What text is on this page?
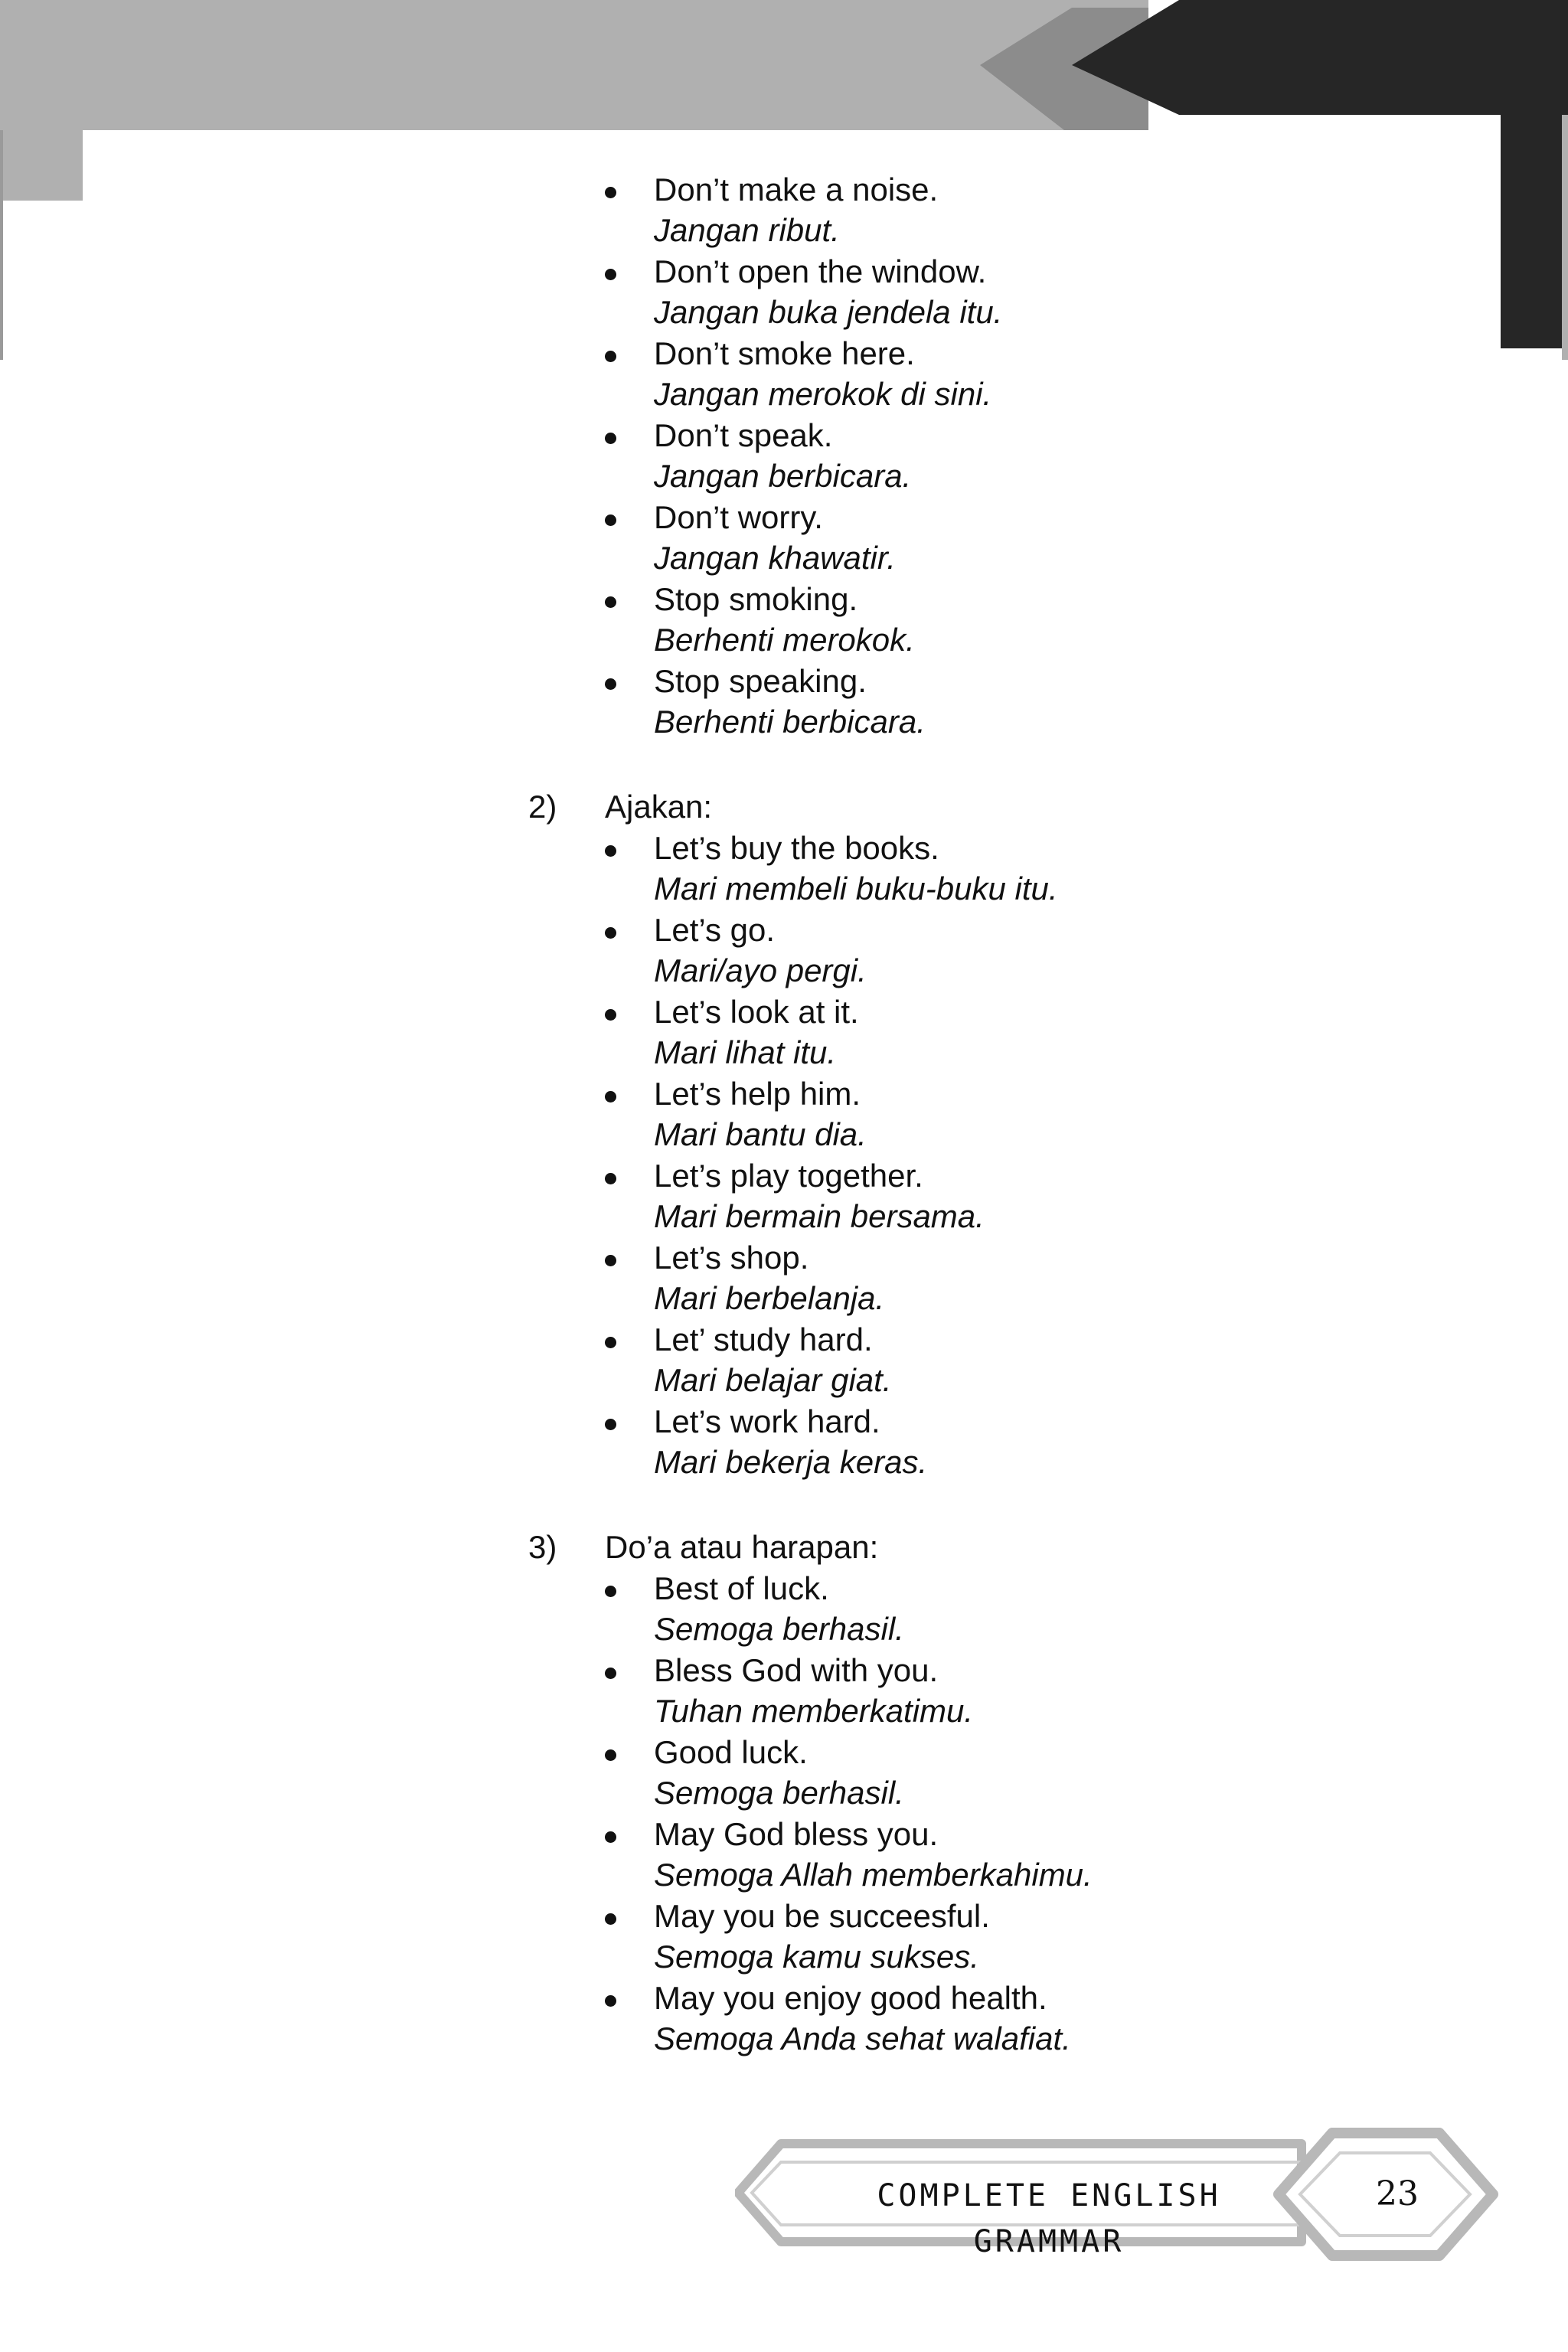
Don’t make a noise.
Jangan ribut.
Don’t open the window.
Jangan buka jendela itu.
Don’t smoke here.
Jangan merokok di sini.
Don’t speak.
Jangan berbicara.
Don’t worry.
Jangan khawatir.
Stop smoking.
Berhenti merokok.
Stop speaking.
Berhenti berbicara.
2) Ajakan:
Let’s buy the books.
Mari membeli buku-buku itu.
Let’s go.
Mari/ayo pergi.
Let’s look at it.
Mari lihat itu.
Let’s help him.
Mari bantu dia.
Let’s play together.
Mari bermain bersama.
Let’s shop.
Mari berbelanja.
Let’ study hard.
Mari belajar giat.
Let’s work hard.
Mari bekerja keras.
3) Do’a atau harapan:
Best of luck.
Semoga berhasil.
Bless God with you.
Tuhan memberkatimu.
Good luck.
Semoga berhasil.
May God bless you.
Semoga Allah memberkahimu.
May you be succeesful.
Semoga kamu sukses.
May you enjoy good health.
Semoga Anda sehat walafiat.
COMPLETE ENGLISH GRAMMAR
23
